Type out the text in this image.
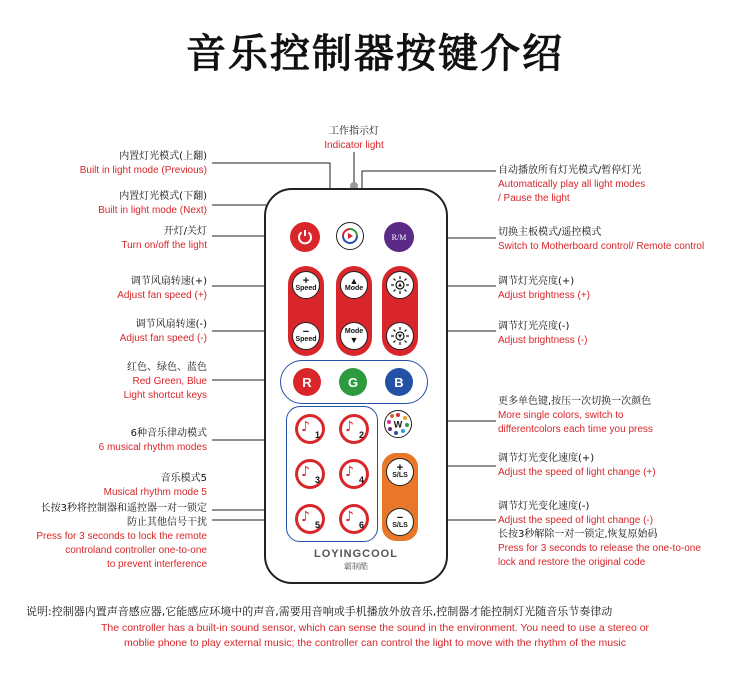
音乐控制器按键介绍
工作指示灯
Indicator light
内置灯光模式(上翻)
Built in light mode (Previous)
内置灯光模式(下翻)
Built in light mode (Next)
开灯/关灯
Turn on/off the light
调节风扇转速(+)
Adjust fan speed (+)
调节风扇转速(-)
Adjust fan speed (-)
红色、绿色、蓝色
Red Green, Blue
Light shortcut keys
6种音乐律动模式
6 musical rhythm modes
音乐模式5
Musical rhythm mode 5
长按3秒将控制器和遥控器一对一锁定
防止其他信号干扰
Press for 3 seconds to lock the remote
controland controller one-to-one
to prevent interference
自动播放所有灯光模式/暂停灯光
Automatically play all light modes
/ Pause the light
切换主板模式/遥控模式
Switch to Motherboard control/ Remote control
调节灯光亮度(+)
Adjust brightness (+)
调节灯光亮度(-)
Adjust brightness (-)
更多单色键,按压一次切换一次颜色
More single colors, switch to
differentcolors each time you press
调节灯光变化速度(+)
Adjust the speed of light change (+)
调节灯光变化速度(-)
Adjust the speed of light change (-)
长按3秒解除一对一锁定,恢复原始码
Press for 3 seconds to release the one-to-one
lock and restore the original code
R/M
+
Speed
−
Speed
▲
Mode
Mode
▼
R	G	B
♪ 1 ♪ 2
♪ 3 ♪ 4
♪ 5 ♪ 6
W
+
S/LS
−
S/LS
LOYINGCOOL
霸制酷
说明:控制器内置声音感应器,它能感应环境中的声音,需要用音响或手机播放外放音乐,控制器才能控制灯光随音乐节奏律动
The controller has a built-in sound sensor, which can sense the sound in the environment. You need to use a stereo or
moblie phone to play external music; the controller can control the light to move with the rhythm of the music
